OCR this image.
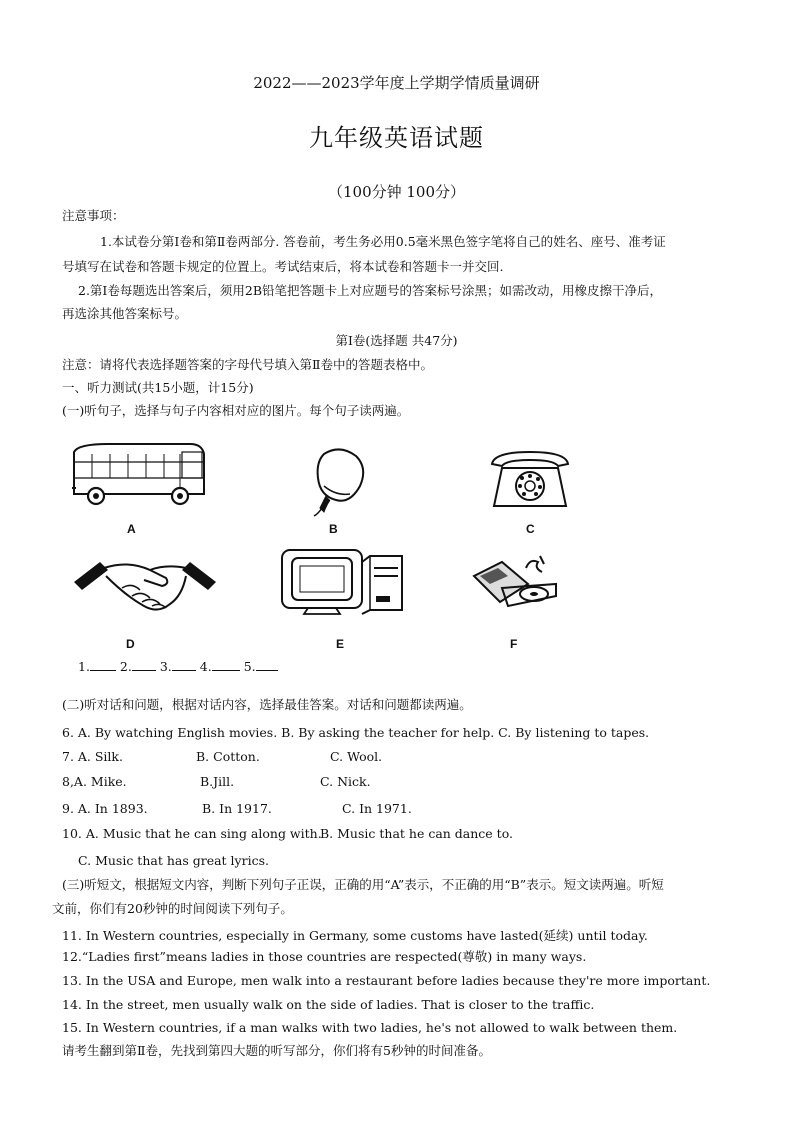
2022——2023学年度上学期学情质量调研
九年级英语试题
（100分钟 100分）
注意事项：
1.本试卷分第Ⅰ卷和第Ⅱ卷两部分. 答卷前，考生务必用0.5毫米黑色签字笔将自己的姓名、座号、准考证
号填写在试卷和答题卡规定的位置上。考试结束后，将本试卷和答题卡一并交回.
2.第Ⅰ卷每题选出答案后，须用2B铅笔把答题卡上对应题号的答案标号涂黑；如需改动，用橡皮擦干净后，
再选涂其他答案标号。
第Ⅰ卷(选择题 共47分)
注意：请将代表选择题答案的字母代号填入第Ⅱ卷中的答题表格中。
一、听力测试(共15小题，计15分)
(一)听句子，选择与句子内容相对应的图片。每个句子读两遍。
A	B	C
D	E	F
1. 2. 3. 4.	5.
(二)听对话和问题，根据对话内容，选择最佳答案。对话和问题都读两遍。
6. A. By watching English movies. B. By asking the teacher for help. C. By listening to tapes.
7. A. Silk.	B. Cotton.	C. Wool.
8,A. Mike.	B.Jill.	C. Nick.
9. A. In 1893.	B. In 1917.	C. In 1971.
10. A. Music that he can sing along with.
B. Music that he can dance to.
C. Music that has great lyrics.
(三)听短文，根据短文内容，判断下列句子正误，正确的用“A”表示，不正确的用“B”表示。短文读两遍。听短
文前，你们有20秒钟的时间阅读下列句子。
11. In Western countries, especially in Germany, some customs have lasted(延续) until today.
12.“Ladies first”means ladies in those countries are respected(尊敬) in many ways.
13. In the USA and Europe, men walk into a restaurant before ladies because they're more important.
14. In the street, men usually walk on the side of ladies. That is closer to the traffic.
15. In Western countries, if a man walks with two ladies, he's not allowed to walk between them.
请考生翻到第Ⅱ卷，先找到第四大题的听写部分，你们将有5秒钟的时间准备。
